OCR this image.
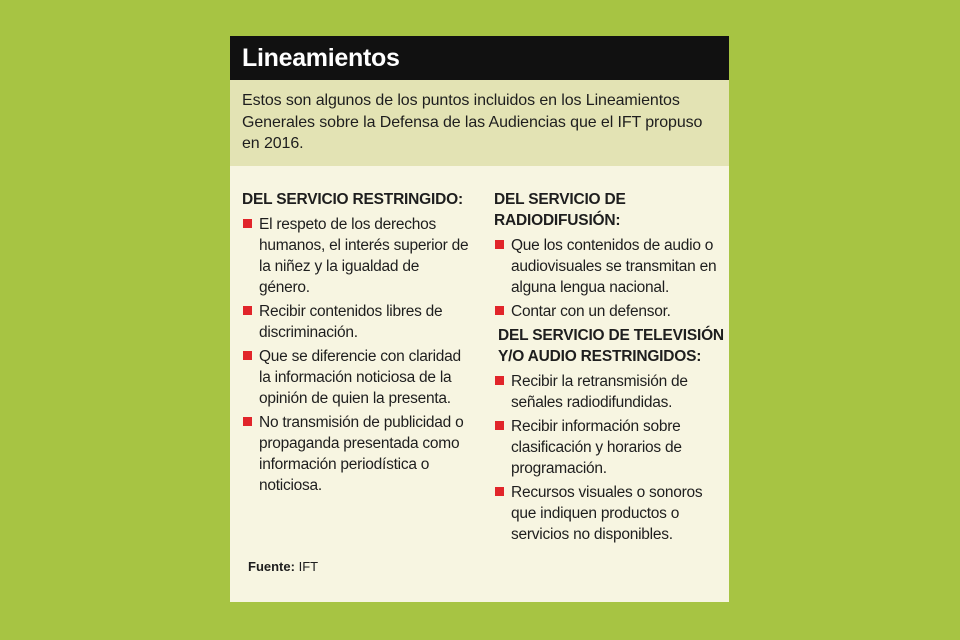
Lineamientos

Estos son algunos de los puntos incluidos en los Lineamientos Generales sobre la Defensa de las Audiencias que el IFT propuso en 2016.

DEL SERVICIO RESTRINGIDO:
El respeto de los derechos humanos, el interés superior de la niñez y la igualdad de género.
Recibir contenidos libres de discriminación.
Que se diferencie con claridad la información noticiosa de la opinión de quien la presenta.
No transmisión de publicidad o propaganda presentada como información periodística o noticiosa.
DEL SERVICIO DE RADIODIFUSIÓN:
Que los contenidos de audio o audiovisuales se transmitan en alguna lengua nacional.
Contar con un defensor.
DEL SERVICIO DE TELEVISIÓN Y/O AUDIO RESTRINGIDOS:
Recibir la retransmisión de señales radiodifundidas.
Recibir información sobre clasificación y horarios de programación.
Recursos visuales o sonoros que indiquen productos o servicios no disponibles.
Fuente: IFT
